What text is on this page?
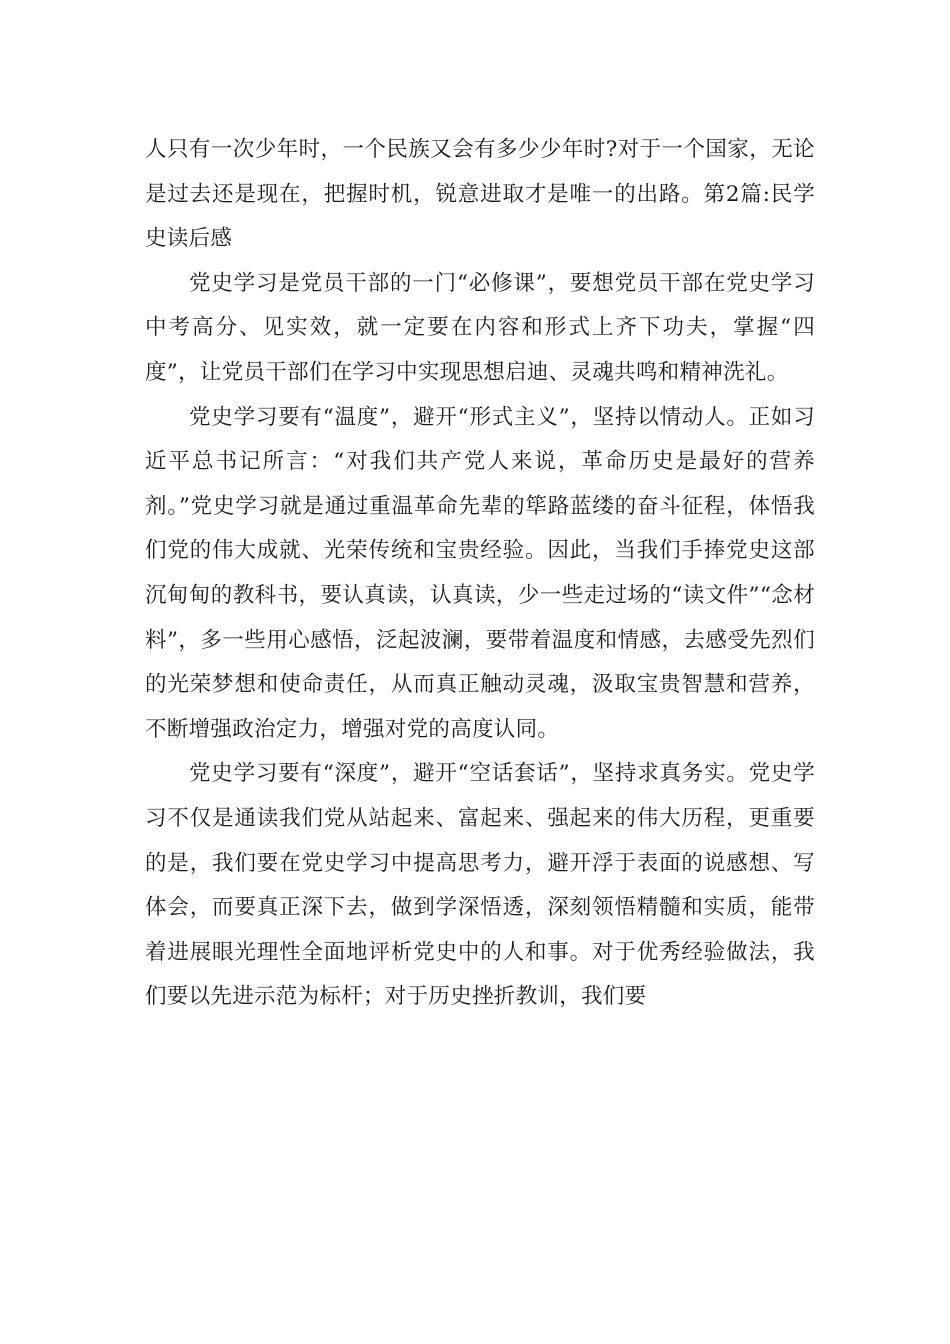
人只有一次少年时，一个民族又会有多少少年时?对于一个国家，无论是过去还是现在，把握时机，锐意进取才是唯一的出路。第2篇:民学史读后感

党史学习是党员干部的一门“必修课”，要想党员干部在党史学习中考高分、见实效，就一定要在内容和形式上齐下功夫，掌握“四度”，让党员干部们在学习中实现思想启迪、灵魂共鸣和精神洗礼。

党史学习要有“温度”，避开“形式主义”，坚持以情动人。正如习近平总书记所言：“对我们共产党人来说，革命历史是最好的营养剂。”党史学习就是通过重温革命先辈的筚路蓝缕的奋斗征程，体悟我们党的伟大成就、光荣传统和宝贵经验。因此，当我们手捧党史这部沉甸甸的教科书，要认真读，认真读，少一些走过场的“读文件”“念材料”，多一些用心感悟，泛起波澜，要带着温度和情感，去感受先烈们的光荣梦想和使命责任，从而真正触动灵魂，汲取宝贵智慧和营养，不断增强政治定力，增强对党的高度认同。

党史学习要有“深度”，避开“空话套话”，坚持求真务实。党史学习不仅是通读我们党从站起来、富起来、强起来的伟大历程，更重要的是，我们要在党史学习中提高思考力，避开浮于表面的说感想、写体会，而要真正深下去，做到学深悟透，深刻领悟精髓和实质，能带着进展眼光理性全面地评析党史中的人和事。对于优秀经验做法，我们要以先进示范为标杆；对于历史挫折教训，我们要
